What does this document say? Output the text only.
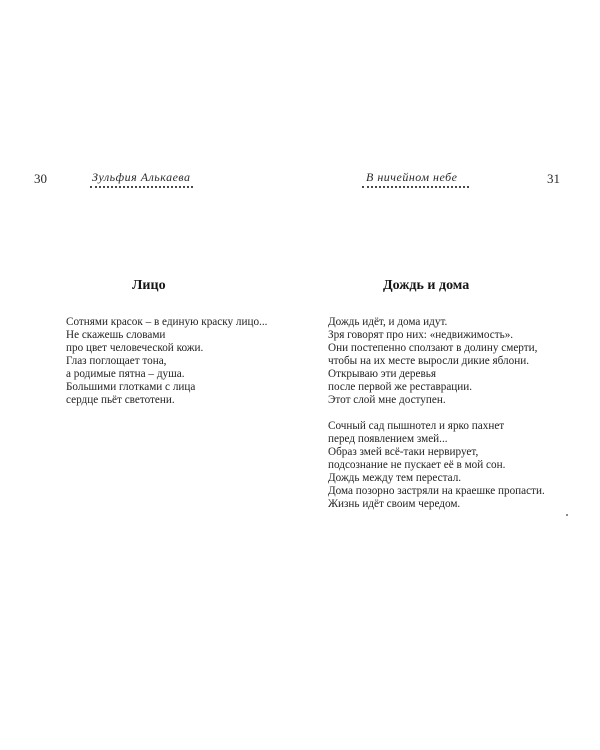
30	Зульфия Алькаева
Лицо
Сотнями красок – в единую краску лицо...
Не скажешь словами
про цвет человеческой кожи.
Глаз поглощает тона,
а родимые пятна – душа.
Большими глотками с лица
сердце пьёт светотени.
В ничейном небе	31
Дождь и дома
Дождь идёт, и дома идут.
Зря говорят про них: «недвижимость».
Они постепенно сползают в долину смерти,
чтобы на их месте выросли дикие яблони.
Открываю эти деревья
после первой же реставрации.
Этот слой мне доступен.
Сочный сад пышнотел и ярко пахнет
перед появлением змей...
Образ змей всё-таки нервирует,
подсознание не пускает её в мой сон.
Дождь между тем перестал.
Дома позорно застряли на краешке пропасти.
Жизнь идёт своим чередом.
